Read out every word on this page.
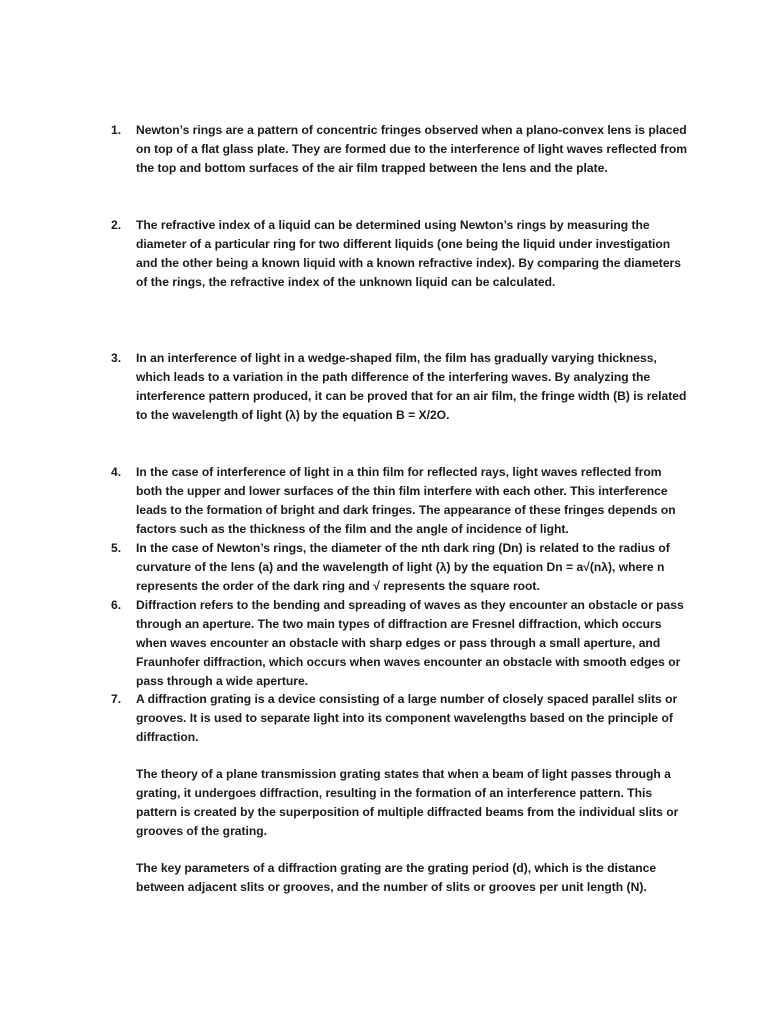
1.	Newton’s rings are a pattern of concentric fringes observed when a plano-convex lens is placed on top of a flat glass plate. They are formed due to the interference of light waves reflected from the top and bottom surfaces of the air film trapped between the lens and the plate.

2.	The refractive index of a liquid can be determined using Newton’s rings by measuring the diameter of a particular ring for two different liquids (one being the liquid under investigation and the other being a known liquid with a known refractive index). By comparing the diameters of the rings, the refractive index of the unknown liquid can be calculated.

3.	In an interference of light in a wedge-shaped film, the film has gradually varying thickness, which leads to a variation in the path difference of the interfering waves. By analyzing the interference pattern produced, it can be proved that for an air film, the fringe width (B) is related to the wavelength of light (λ) by the equation B = X/2O.

4.	In the case of interference of light in a thin film for reflected rays, light waves reflected from both the upper and lower surfaces of the thin film interfere with each other. This interference leads to the formation of bright and dark fringes. The appearance of these fringes depends on factors such as the thickness of the film and the angle of incidence of light.

5.	In the case of Newton’s rings, the diameter of the nth dark ring (Dn) is related to the radius of curvature of the lens (a) and the wavelength of light (λ) by the equation Dn = a√(nλ), where n represents the order of the dark ring and √ represents the square root.

6.	Diffraction refers to the bending and spreading of waves as they encounter an obstacle or pass through an aperture. The two main types of diffraction are Fresnel diffraction, which occurs when waves encounter an obstacle with sharp edges or pass through a small aperture, and Fraunhofer diffraction, which occurs when waves encounter an obstacle with smooth edges or pass through a wide aperture.

7.	A diffraction grating is a device consisting of a large number of closely spaced parallel slits or grooves. It is used to separate light into its component wavelengths based on the principle of diffraction.

The theory of a plane transmission grating states that when a beam of light passes through a grating, it undergoes diffraction, resulting in the formation of an interference pattern. This pattern is created by the superposition of multiple diffracted beams from the individual slits or grooves of the grating.

The key parameters of a diffraction grating are the grating period (d), which is the distance between adjacent slits or grooves, and the number of slits or grooves per unit length (N).
